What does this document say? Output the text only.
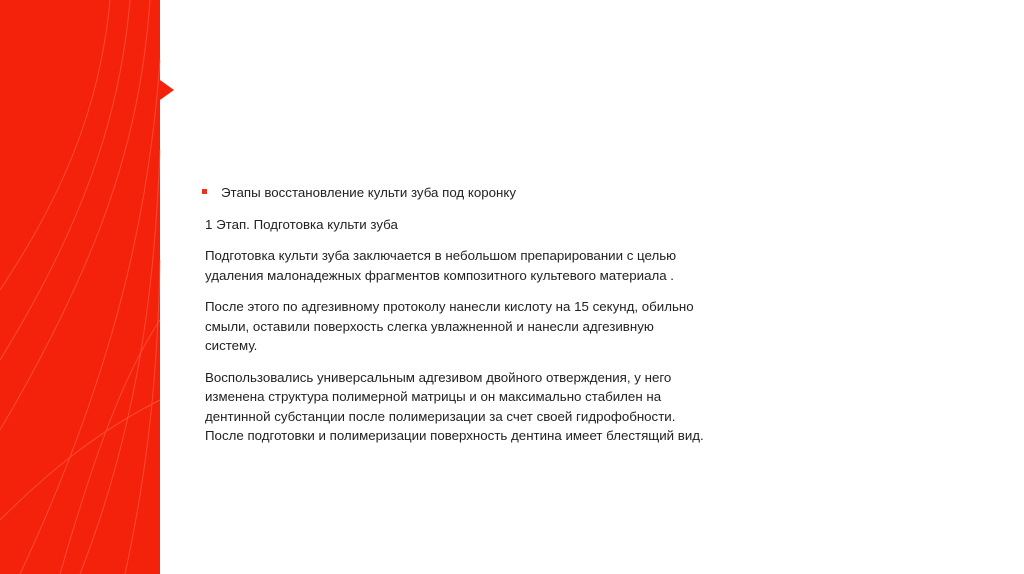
Этапы восстановление культи зуба под коронку

1 Этап. Подготовка культи зуба

Подготовка культи зуба заключается в небольшом препарировании с целью удаления малонадежных фрагментов композитного культевого материала .

После этого по адгезивному протоколу нанесли кислоту на 15 секунд, обильно смыли, оставили поверхость слегка увлажненной и нанесли адгезивную систему.

Воспользовались универсальным адгезивом двойного отверждения, у него изменена структура полимерной матрицы и он максимально стабилен на дентинной субстанции после полимеризации за счет своей гидрофобности. После подготовки и полимеризации поверхность дентина имеет блестящий вид.
